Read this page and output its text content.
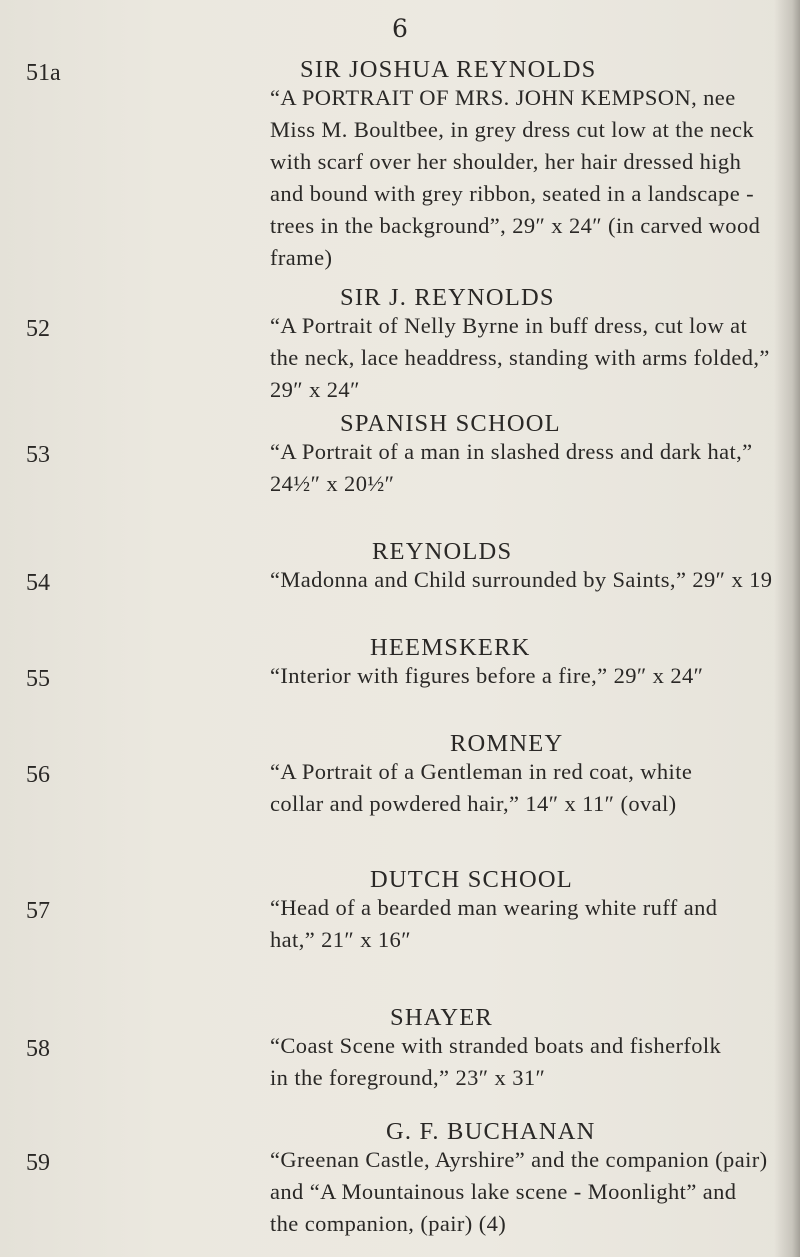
6
51a	SIR JOSHUA REYNOLDS
“A PORTRAIT OF MRS. JOHN KEMPSON, nee
Miss M. Boultbee, in grey dress cut low at the neck
with scarf over her shoulder, her hair dressed high
and bound with grey ribbon, seated in a landscape -
trees in the background”, 29″ x 24″ (in carved wood
frame)
52
SIR J. REYNOLDS
“A Portrait of Nelly Byrne in buff dress, cut low at
the neck, lace headdress, standing with arms folded,”
29″ x 24″
53
SPANISH SCHOOL
“A Portrait of a man in slashed dress and dark hat,”
24½″ x 20½″
54
REYNOLDS
“Madonna and Child surrounded by Saints,” 29″ x 19
55
HEEMSKERK
“Interior with figures before a fire,” 29″ x 24″
56
ROMNEY
“A Portrait of a Gentleman in red coat, white
collar and powdered hair,” 14″ x 11″ (oval)
57
DUTCH SCHOOL
“Head of a bearded man wearing white ruff and
hat,” 21″ x 16″
58
SHAYER
“Coast Scene with stranded boats and fisherfolk
in the foreground,” 23″ x 31″
59
G. F. BUCHANAN
“Greenan Castle, Ayrshire” and the companion (pair)
and “A Mountainous lake scene - Moonlight” and
the companion, (pair) (4)
